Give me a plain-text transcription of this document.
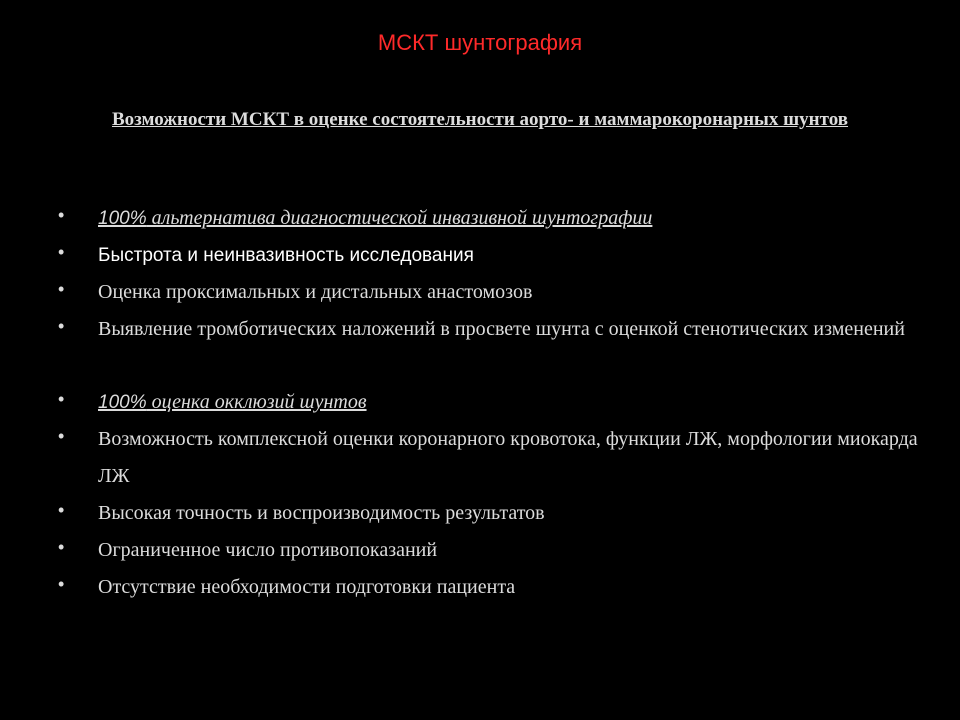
МСКТ шунтография
Возможности МСКТ в оценке состоятельности аорто- и маммарокоронарных шунтов
• 100% альтернатива диагностической инвазивной шунтографии
• Быстрота и неинвазивность исследования
• Оценка проксимальных и дистальных анастомозов
• Выявление тромботических наложений в просвете шунта с оценкой стенотических изменений
• 100% оценка окклюзий шунтов
• Возможность комплексной оценки коронарного кровотока, функции ЛЖ, морфологии миокарда ЛЖ
• Высокая точность и воспроизводимость результатов
• Ограниченное число противопоказаний
• Отсутствие необходимости подготовки пациента
